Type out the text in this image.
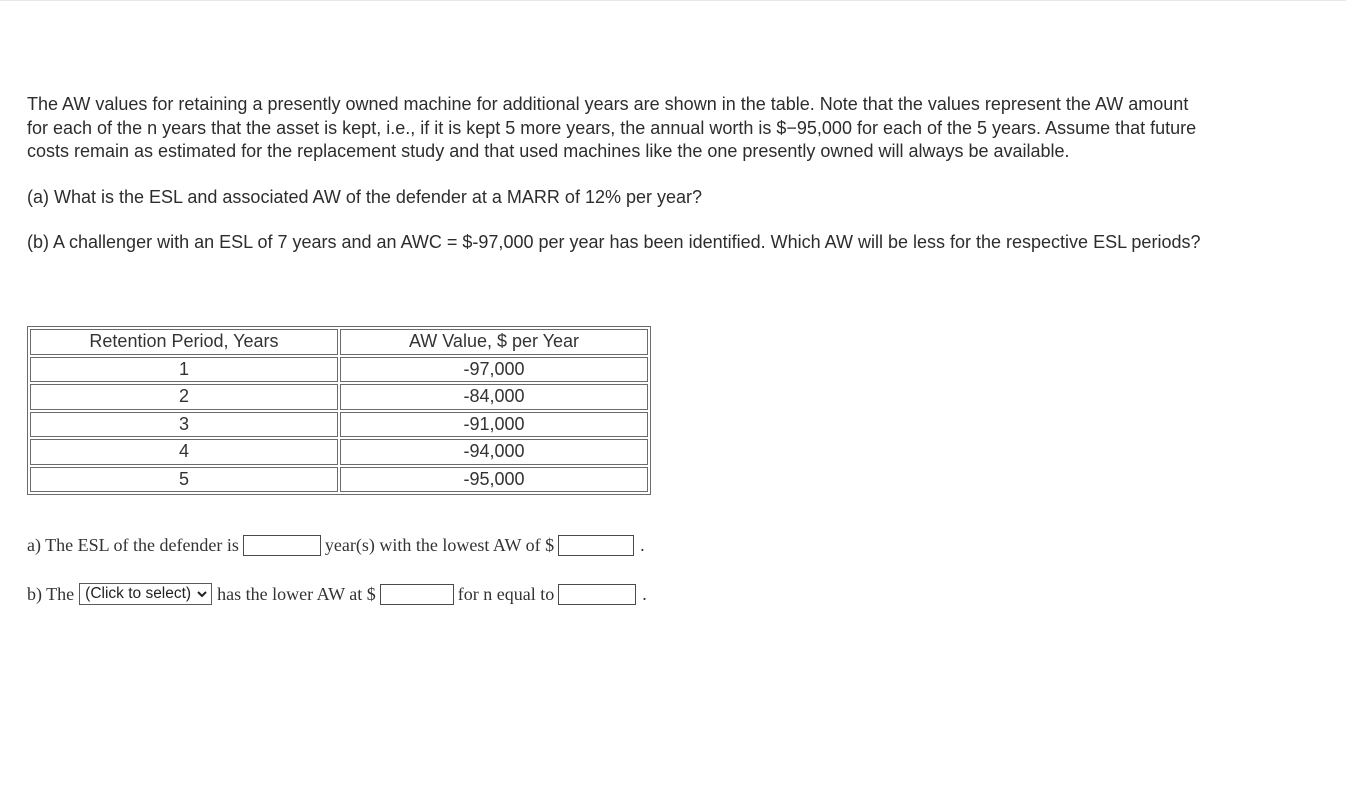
The AW values for retaining a presently owned machine for additional years are shown in the table. Note that the values represent the AW amount for each of the n years that the asset is kept, i.e., if it is kept 5 more years, the annual worth is $−95,000 for each of the 5 years. Assume that future costs remain as estimated for the replacement study and that used machines like the one presently owned will always be available.

(a) What is the ESL and associated AW of the defender at a MARR of 12% per year?

(b) A challenger with an ESL of 7 years and an AWC = $-97,000 per year has been identified. Which AW will be less for the respective ESL periods?

Retention Period, Years	AW Value, $ per Year
1	-97,000
2	-84,000
3	-91,000
4	-94,000
5	-95,000
a) The ESL of the defender is	year(s) with the lowest AW of $	.
b) The (Click to select) has the lower AW at $	for n equal to	.
